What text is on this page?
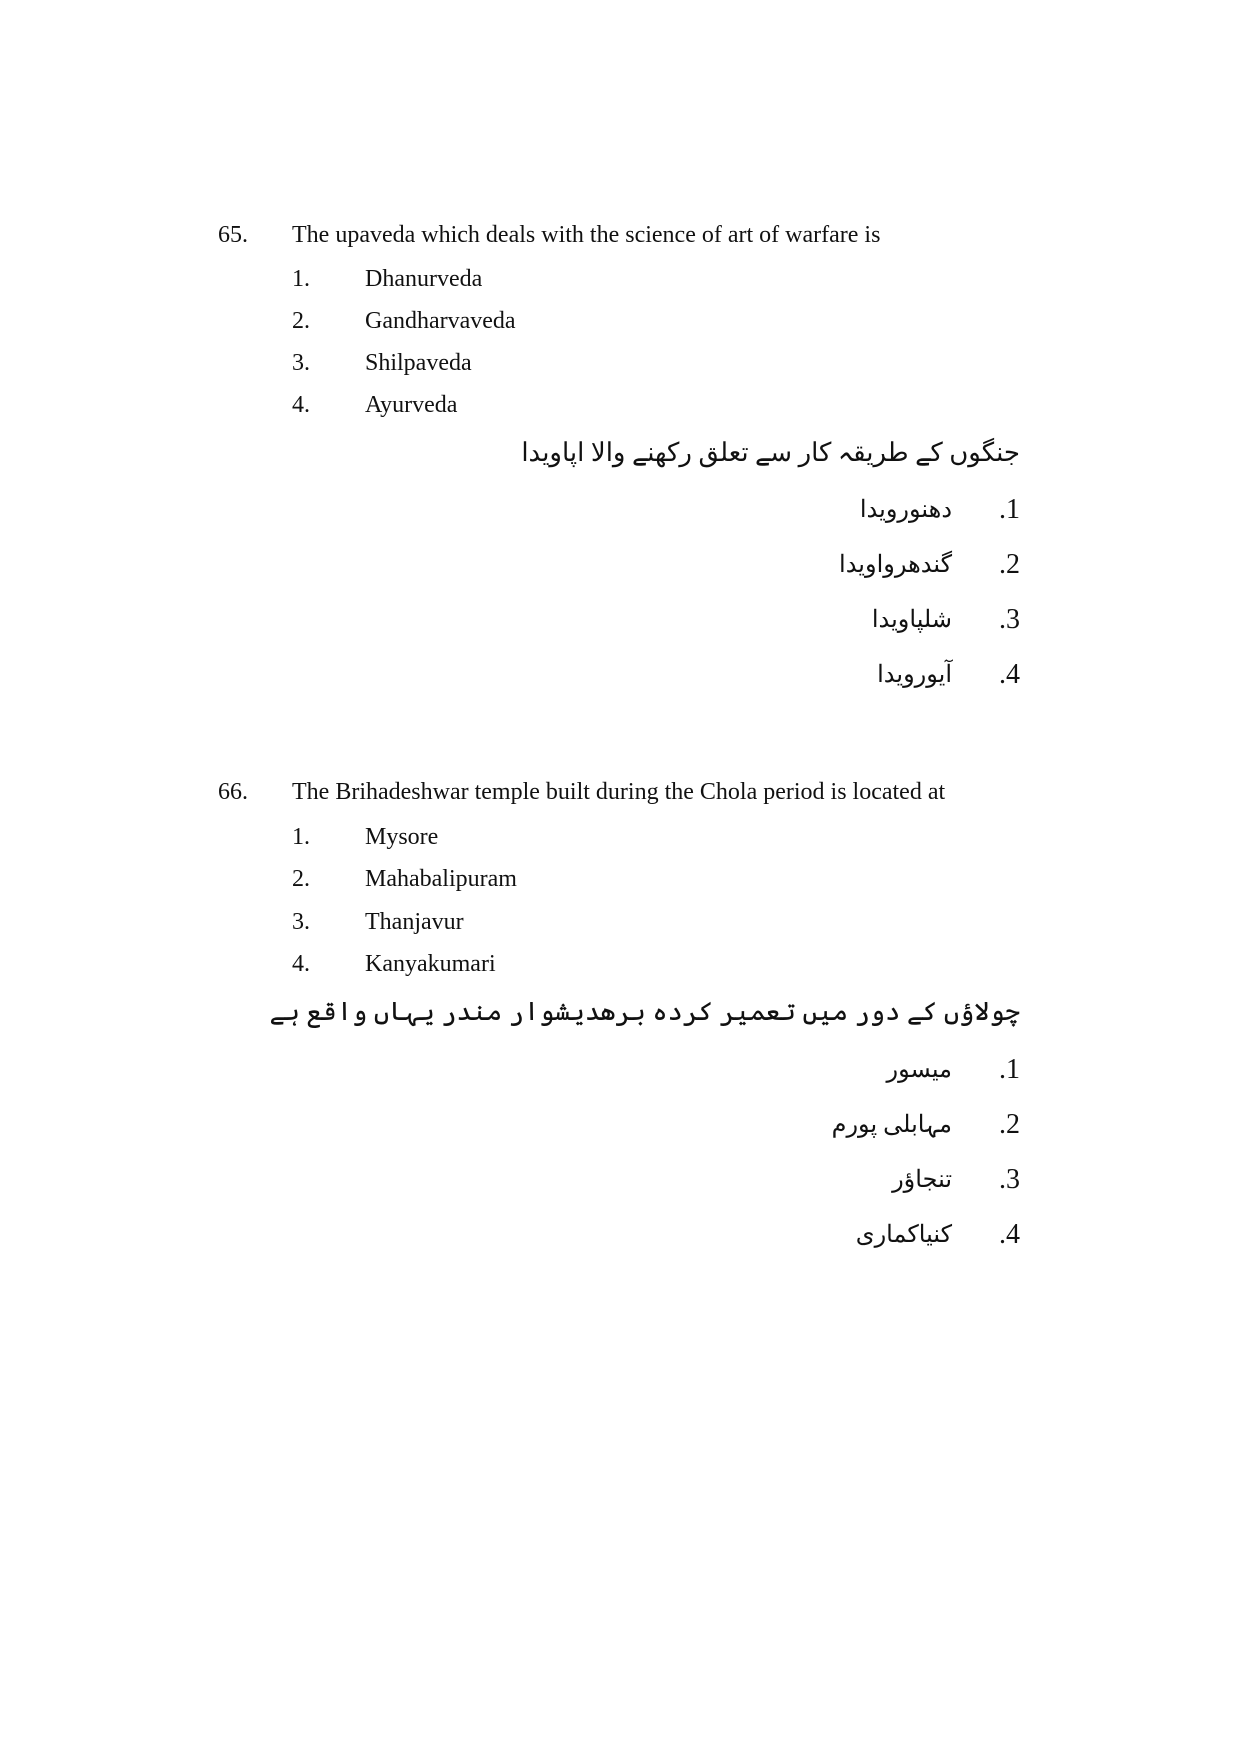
65. The upaveda which deals with the science of art of warfare is
1. Dhanurveda
2. Gandharvaveda
3. Shilpaveda
4. Ayurveda
جنگوں کے طریقہ کار سے تعلق رکھنے والا اپاویدا
.1
دھنورویدا
.2
گندھرواویدا
.3
شلپاویدا
.4
آیورویدا
66. The Brihadeshwar temple built during the Chola period is located at
1. Mysore
2. Mahabalipuram
3. Thanjavur
4. Kanyakumari
چولاؤں کے دور میں تعمیر کردہ برھدیشوار مندر یہاں واقع ہے
.1
میسور
.2
مہابلی پورم
.3
تنجاؤر
.4
کنیاکماری
